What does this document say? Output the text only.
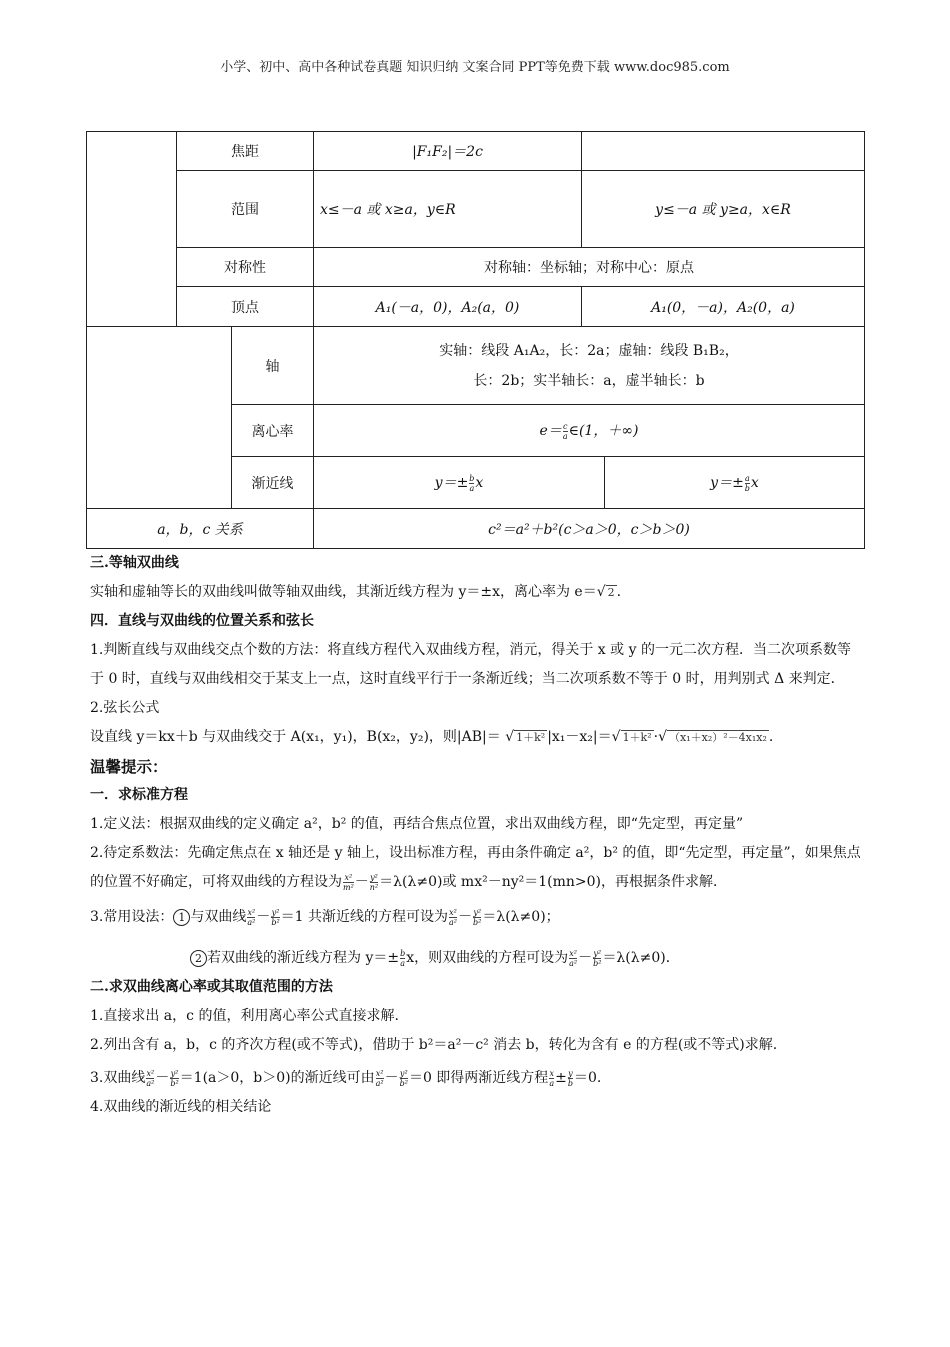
小学、初中、高中各种试卷真题 知识归纳 文案合同 PPT等免费下载 www.doc985.com
	焦距		|F₁F₂|＝2c		
	范围		x≤－a 或 x≥a，y∈R	y≤－a 或 y≥a，x∈R	
	对称性		对称轴：坐标轴；对称中心：原点		
	顶点		A₁(－a，0)，A₂(a，0)	A₁(0，－a)，A₂(0，a)	
		轴	实轴：线段 A₁A₂，长：2a；虚轴：线段 B₁B₂，
长：2b；实半轴长：a，虚半轴长：b		

		离心率	$e= \frac{c}{a}$ ∈(1，＋∞)		
		渐近线	$y=\pm \frac{b}{a}$ x		$y=\pm \frac{a}{b}$ x
a，b，c 关系			c²＝a²＋b²(c＞a＞0，c＞b＞0)		

三.等轴双曲线

实轴和虚轴等长的双曲线叫做等轴双曲线，其渐近线方程为 y＝±x，离心率为 e＝√ 2 .

四．直线与双曲线的位置关系和弦长

1.判断直线与双曲线交点个数的方法：将直线方程代入双曲线方程，消元，得关于 x 或 y 的一元二次方程．当二次项系数等于 0 时，直线与双曲线相交于某支上一点，这时直线平行于一条渐近线；当二次项系数不等于 0 时，用判别式 Δ 来判定．

2.弦长公式

设直线 y＝kx＋b 与双曲线交于 A(x₁，y₁)，B(x₂，y₂)，则|AB|＝ √ 1＋k² |x₁－x₂|＝√ 1＋k² ·√ （x₁＋x₂）²－4x₁x₂ .

温馨提示：

一．求标准方程

1.定义法：根据双曲线的定义确定 a²，b² 的值，再结合焦点位置，求出双曲线方程，即“先定型，再定量”

2.待定系数法：先确定焦点在 x 轴还是 y 轴上，设出标准方程，再由条件确定 a²，b² 的值，即“先定型，再定量”，如果焦点的位置不好确定，可将双曲线的方程设为 $\frac{\text{x²}}{\text{m²}} - \frac{\text{y²}}{\text{n²}} =\lambda(\lambda\ne 0)$或 mx²－ny²＝1(mn>0)，再根据条件求解．

3.常用设法： 1 与双曲线 $\frac{\text{x²}}{\text{a²}} - \frac{\text{y²}}{\text{b²}} =1$ 共渐近线的方程可设为 $\frac{\text{x²}}{\text{a²}} - \frac{\text{y²}}{\text{b²}} =\lambda(\lambda\ne 0)$；

2 若双曲线的渐近线方程为 $y=\pm \frac{b}{a}$ x，则双曲线的方程可设为 $\frac{\text{x²}}{\text{a²}} - \frac{\text{y²}}{\text{b²}} =\lambda(\lambda\ne 0)$．

二.求双曲线离心率或其取值范围的方法

1.直接求出 a，c 的值，利用离心率公式直接求解.

2.列出含有 a，b，c 的齐次方程(或不等式)，借助于 b²＝a²－c² 消去 b，转化为含有 e 的方程(或不等式)求解.

3.双曲线 $\frac{\text{x²}}{\text{a²}} - \frac{\text{y²}}{\text{b²}} =1(a>0$，b＞0)的渐近线可由 $\frac{\text{x²}}{\text{a²}} - \frac{\text{y²}}{\text{b²}} =0$ 即得两渐近线方程 $\frac{x}{a} \pm \frac{y}{b} =0$.

4.双曲线的渐近线的相关结论
